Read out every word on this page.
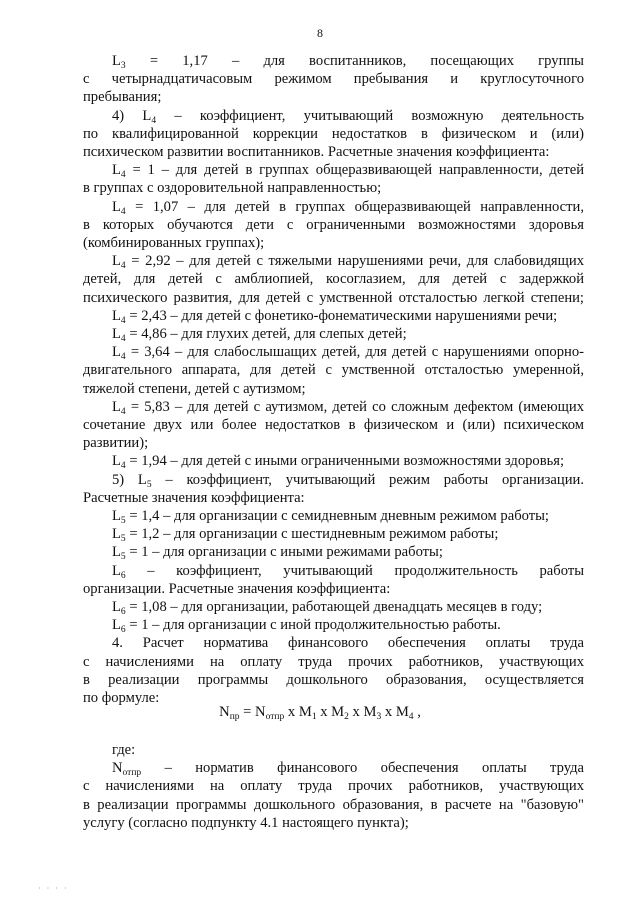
8
$L_3 = 1,17$ – для воспитанников, посещающих группы
с четырнадцатичасовым режимом пребывания и круглосуточного
пребывания;
4) $L_4$ – коэффициент, учитывающий возможную деятельность
по квалифицированной коррекции недостатков в физическом и (или)
психическом развитии воспитанников. Расчетные значения коэффициента:
$L_4 = 1$ – для детей в группах общеразвивающей направленности, детей
в группах с оздоровительной направленностью;
$L_4 = 1,07$ – для детей в группах общеразвивающей направленности,
в которых обучаются дети с ограниченными возможностями здоровья
(комбинированных группах);
$L_4 = 2,92$ – для детей с тяжелыми нарушениями речи, для слабовидящих
детей, для детей с амблиопией, косоглазием, для детей с задержкой
психического развития, для детей с умственной отсталостью легкой степени;
$L_4 = 2,43$ – для детей с фонетико-фонематическими нарушениями речи;
$L_4 = 4,86$ – для глухих детей, для слепых детей;
$L_4 = 3,64$ – для слабослышащих детей, для детей с нарушениями опорно-
двигательного аппарата, для детей с умственной отсталостью умеренной,
тяжелой степени, детей с аутизмом;
$L_4 = 5,83$ – для детей с аутизмом, детей со сложным дефектом (имеющих
сочетание двух или более недостатков в физическом и (или) психическом
развитии);
$L_4 = 1,94$ – для детей с иными ограниченными возможностями здоровья;
5) $L_5$ – коэффициент, учитывающий режим работы организации.
Расчетные значения коэффициента:
$L_5 = 1,4$ – для организации с семидневным дневным режимом работы;
$L_5 = 1,2$ – для организации с шестидневным режимом работы;
$L_5 = 1$ – для организации с иными режимами работы;
$L_6$ – коэффициент, учитывающий продолжительность работы
организации. Расчетные значения коэффициента:
$L_6 = 1,08$ – для организации, работающей двенадцать месяцев в году;
$L_6 = 1$ – для организации с иной продолжительностью работы.
4. Расчет норматива финансового обеспечения оплаты труда
с начислениями на оплату труда прочих работников, участвующих
в реализации программы дошкольного образования, осуществляется
по формуле:
$N_{пр} = N_{отпр}$ x $M_1$ x $M_2$ x $M_3$ x $M_4$ ,
где:
$N_{отпр}$ – норматив финансового обеспечения оплаты труда
с начислениями на оплату труда прочих работников, участвующих
в реализации программы дошкольного образования, в расчете на "базовую"
услугу (согласно подпункту 4.1 настоящего пункта);
· · · ·
